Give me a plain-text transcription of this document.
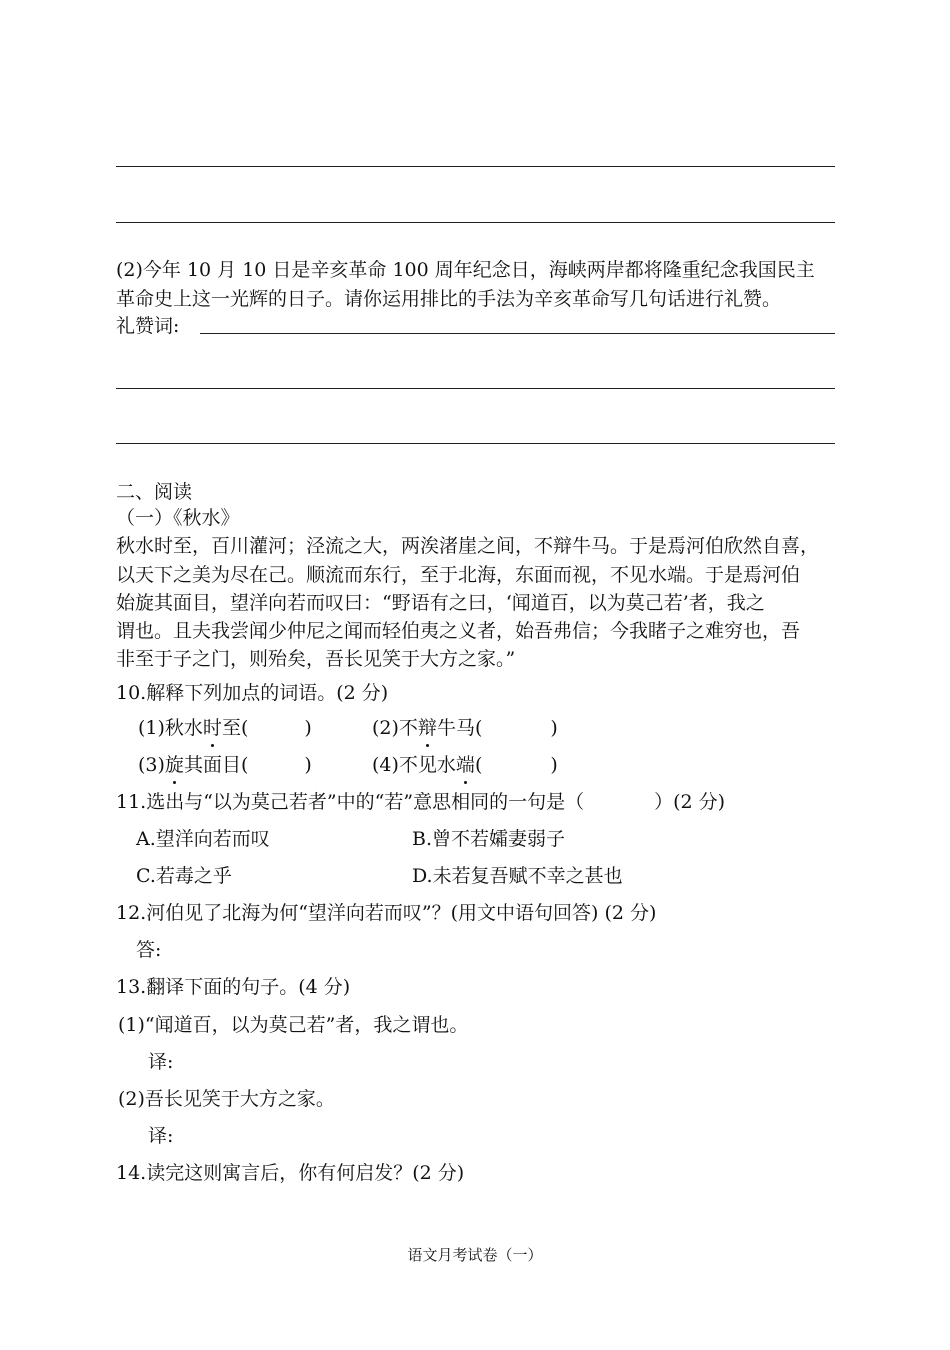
(2)今年 10 月 10 日是辛亥革命 100 周年纪念日，海峡两岸都将隆重纪念我国民主
革命史上这一光辉的日子。请你运用排比的手法为辛亥革命写几句话进行礼赞。
礼赞词:
二、阅读
（一）《秋水》
秋水时至，百川灌河；泾流之大，两涘渚崖之间，不辩牛马。于是焉河伯欣然自喜，
以天下之美为尽在己。顺流而东行，至于北海，东面而视，不见水端。于是焉河伯
始旋其面目，望洋向若而叹曰：“野语有之曰，‘闻道百，以为莫己若’者，我之
谓也。且夫我尝闻少仲尼之闻而轻伯夷之义者，始吾弗信；今我睹子之难穷也，吾
非至于子之门，则殆矣，吾长见笑于大方之家。”
10.解释下列加点的词语。(2 分)
(1)秋水时至(	)	(2)不辩牛马(	)
(3)旋其面目(	)	(4)不见水端(	)
11.选出与“以为莫己若者”中的“若”意思相同的一句是（	）(2 分)
A.望洋向若而叹	B.曾不若孀妻弱子
C.若毒之乎	D.未若复吾赋不幸之甚也
12.河伯见了北海为何“望洋向若而叹”？(用文中语句回答) (2 分)
答:
13.翻译下面的句子。(4 分)
(1)“闻道百，以为莫己若”者，我之谓也。
译:
(2)吾长见笑于大方之家。
译:
14.读完这则寓言后，你有何启发？(2 分)
语文月考试卷（一）
